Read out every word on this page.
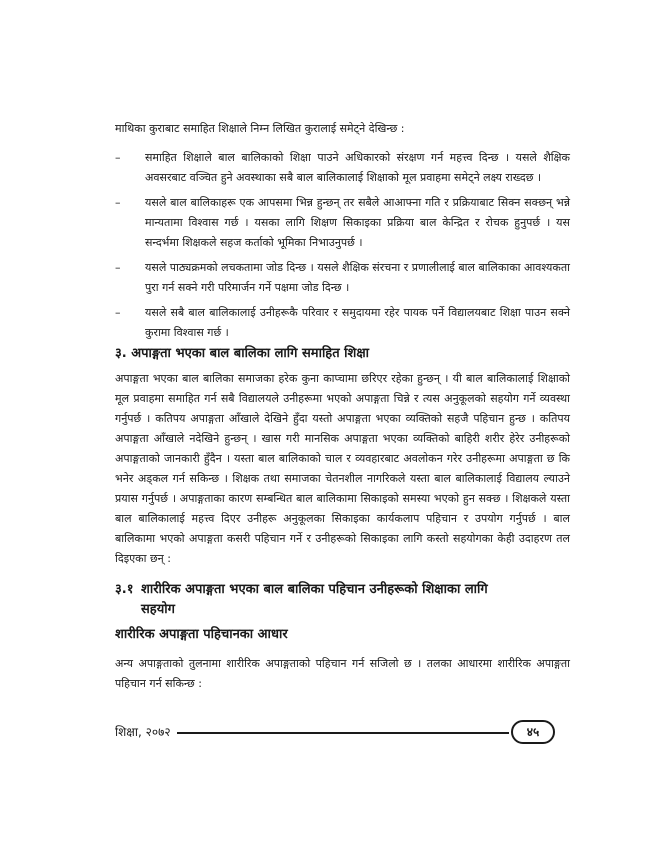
माथिका कुराबाट समाहित शिक्षाले निम्न लिखित कुरालाई समेट्ने देखिन्छ :

– समाहित शिक्षाले बाल बालिकाको शिक्षा पाउने अधिकारको संरक्षण गर्न महत्त्व दिन्छ । यसले शैक्षिक अवसरबाट वञ्चित हुने अवस्थाका सबै बाल बालिकालाई शिक्षाको मूल प्रवाहमा समेट्ने लक्ष्य राख्दछ ।
– यसले बाल बालिकाहरू एक आपसमा भिन्न हुन्छन् तर सबैले आआफ्ना गति र प्रक्रियाबाट सिक्न सक्छन् भन्ने मान्यतामा विश्वास गर्छ । यसका लागि शिक्षण सिकाइका प्रक्रिया बाल केन्द्रित र रोचक हुनुपर्छ । यस सन्दर्भमा शिक्षकले सहज कर्ताको भूमिका निभाउनुपर्छ ।
– यसले पाठ्यक्रमको लचकतामा जोड दिन्छ । यसले शैक्षिक संरचना र प्रणालीलाई बाल बालिकाका आवश्यकता पुरा गर्न सक्ने गरी परिमार्जन गर्ने पक्षमा जोड दिन्छ ।
– यसले सबै बाल बालिकालाई उनीहरूकै परिवार र समुदायमा रहेर पायक पर्ने विद्यालयबाट शिक्षा पाउन सक्ने कुरामा विश्वास गर्छ ।
३. अपाङ्गता भएका बाल बालिका लागि समाहित शिक्षा

अपाङ्गता भएका बाल बालिका समाजका हरेक कुना काप्चामा छरिएर रहेका हुन्छन् । यी बाल बालिकालाई शिक्षाको मूल प्रवाहमा समाहित गर्न सबै विद्यालयले उनीहरूमा भएको अपाङ्गता चिन्ने र त्यस अनुकूलको सहयोग गर्ने व्यवस्था गर्नुपर्छ । कतिपय अपाङ्गता आँखाले देखिने हुँदा यस्तो अपाङ्गता भएका व्यक्तिको सहजै पहिचान हुन्छ । कतिपय अपाङ्गता आँखाले नदेखिने हुन्छन् । खास गरी मानसिक अपाङ्गता भएका व्यक्तिको बाहिरी शरीर हेरेर उनीहरूको अपाङ्गताको जानकारी हुँदैन । यस्ता बाल बालिकाको चाल र व्यवहारबाट अवलोकन गरेर उनीहरूमा अपाङ्गता छ कि भनेर अड्कल गर्न सकिन्छ । शिक्षक तथा समाजका चेतनशील नागरिकले यस्ता बाल बालिकालाई विद्यालय ल्याउने प्रयास गर्नुपर्छ । अपाङ्गताका कारण सम्बन्धित बाल बालिकामा सिकाइको समस्या भएको हुन सक्छ । शिक्षकले यस्ता बाल बालिकालाई महत्त्व दिएर उनीहरू अनुकूलका सिकाइका कार्यकलाप पहिचान र उपयोग गर्नुपर्छ । बाल बालिकामा भएको अपाङ्गता कसरी पहिचान गर्ने र उनीहरूको सिकाइका लागि कस्तो सहयोगका केही उदाहरण तल दिइएका छन् :

३.१ शारीरिक अपाङ्गता भएका बाल बालिका पहिचान उनीहरूको शिक्षाका लागि
सहयोग
शारीरिक अपाङ्गता पहिचानका आधार

अन्य अपाङ्गताको तुलनामा शारीरिक अपाङ्गताको पहिचान गर्न सजिलो छ । तलका आधारमा शारीरिक अपाङ्गता पहिचान गर्न सकिन्छ :

शिक्षा, २०७२	४५
